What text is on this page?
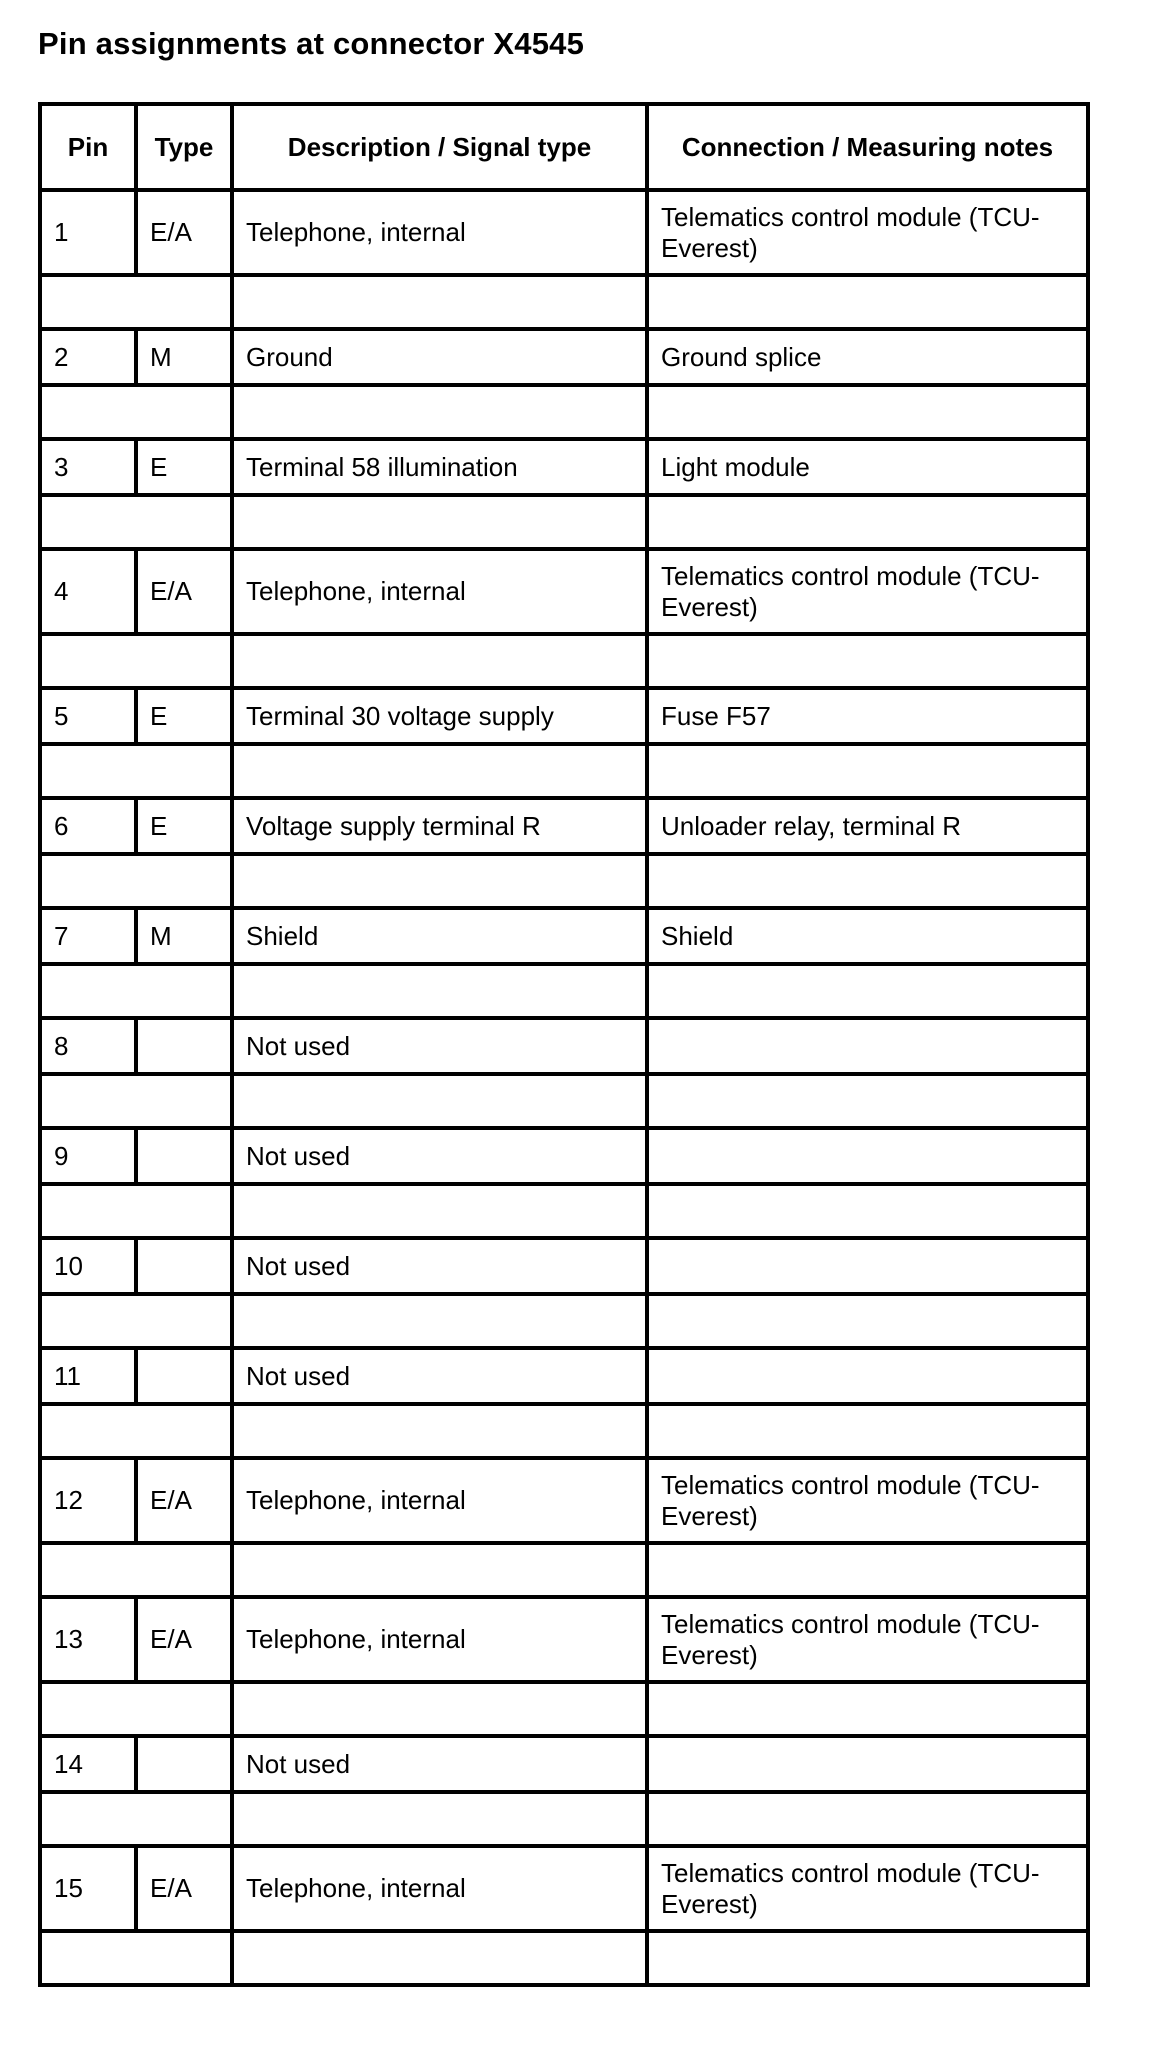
Pin assignments at connector X4545
Pin	Type	Description / Signal type	Connection / Measuring notes
1	E/A	Telephone, internal	Telematics control module (TCU-Everest)

2	M	Ground	Ground splice

3	E	Terminal 58 illumination	Light module

4	E/A	Telephone, internal	Telematics control module (TCU-Everest)

5	E	Terminal 30 voltage supply	Fuse F57

6	E	Voltage supply terminal R	Unloader relay, terminal R

7	M	Shield	Shield

8		Not used	

9		Not used	

10		Not used	

11		Not used	

12	E/A	Telephone, internal	Telematics control module (TCU-Everest)

13	E/A	Telephone, internal	Telematics control module (TCU-Everest)

14		Not used	

15	E/A	Telephone, internal	Telematics control module (TCU-Everest)
